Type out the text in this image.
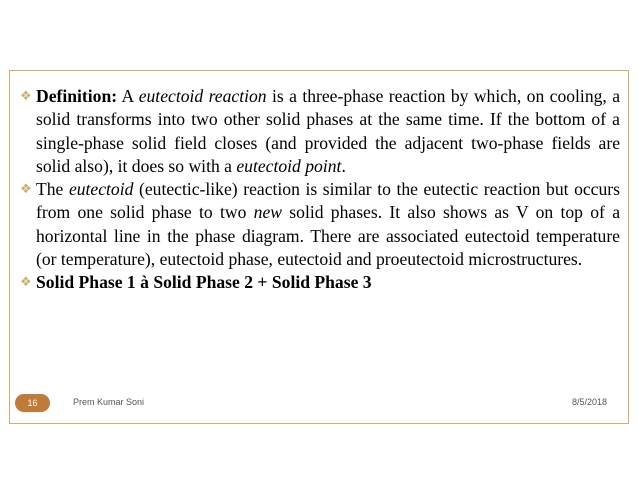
❖ Definition: A eutectoid reaction is a three-phase reaction by which, on cooling, a solid transforms into two other solid phases at the same time. If the bottom of a single-phase solid field closes (and provided the adjacent two-phase fields are solid also), it does so with a eutectoid point.

❖ The eutectoid (eutectic-like) reaction is similar to the eutectic reaction but occurs from one solid phase to two new solid phases. It also shows as V on top of a horizontal line in the phase diagram. There are associated eutectoid temperature (or temperature), eutectoid phase, eutectoid and proeutectoid microstructures.

❖ Solid Phase 1 à Solid Phase 2 + Solid Phase 3

16	Prem Kumar Soni	8/5/2018
